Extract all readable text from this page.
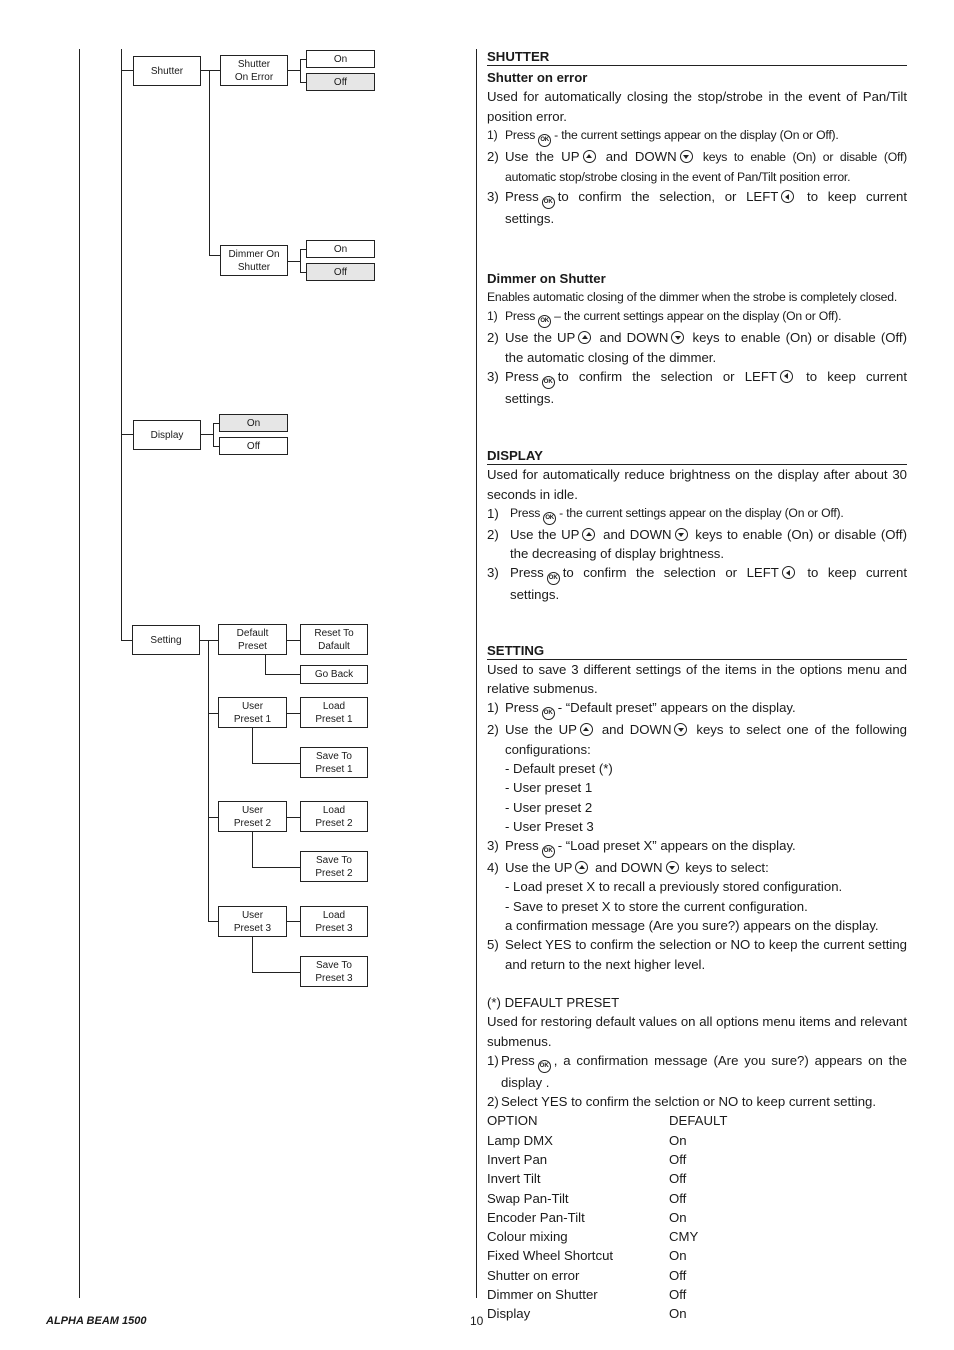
Shutter
Shutter
On Error
On
Off
Dimmer On
Shutter
On
Off
Display
On
Off
Setting
Default
Preset
Reset To
Dafault
Go Back
User
Preset 1
Load
Preset 1
Save To
Preset 1
User
Preset 2
Load
Preset 2
Save To
Preset 2
User
Preset 3
Load
Preset 3
Save To
Preset 3
SHUTTER
Shutter on error
Used for automatically closing the stop/strobe in the event of Pan/Tilt position error.
1) Press OK - the current settings appear on the display (On or Off).
2) Use the UP and DOWN keys to enable (On) or disable (Off) automatic stop/strobe closing in the event of Pan/Tilt position error.
3) Press OK to confirm the selection, or LEFT to keep current settings.
Dimmer on Shutter
Enables automatic closing of the dimmer when the strobe is completely closed.
1) Press OK – the current settings appear on the display (On or Off).
2) Use the UP and DOWN keys to enable (On) or disable (Off) the automatic closing of the dimmer.
3) Press OK to confirm the selection or LEFT to keep current settings.
DISPLAY
Used for automatically reduce brightness on the display after about 30 seconds in idle.
1) Press OK - the current settings appear on the display (On or Off).
2) Use the UP and DOWN keys to enable (On) or disable (Off) the decreasing of display brightness.
3) Press OK to confirm the selection or LEFT to keep current settings.
SETTING
Used to save 3 different settings of the items in the options menu and relative submenus.
1) Press OK - “Default preset” appears on the display.
2) Use the UP and DOWN keys to select one of the following configurations:
- Default preset (*)
- User preset 1
- User preset 2
- User Preset 3
3) Press OK - “Load preset X” appears on the display.
4) Use the UP and DOWN keys to select:
- Load preset X to recall a previously stored configuration.
- Save to preset X to store the current configuration.
a confirmation message (Are you sure?) appears on the display.
5) Select YES to confirm the selection or NO to keep the current setting and return to the next higher level.
(*) DEFAULT PRESET
Used for restoring default values on all options menu items and relevant submenus.
1) Press OK , a confirmation message (Are you sure?) appears on the display .
2) Select YES to confirm the selction or NO to keep current setting.
OPTION	DEFAULT
Lamp DMX	On
Invert Pan	Off
Invert Tilt	Off
Swap Pan-Tilt	Off
Encoder Pan-Tilt	On
Colour mixing	CMY
Fixed Wheel Shortcut	On
Shutter on error	Off
Dimmer on Shutter	Off
Display	On
ALPHA BEAM 1500	10
